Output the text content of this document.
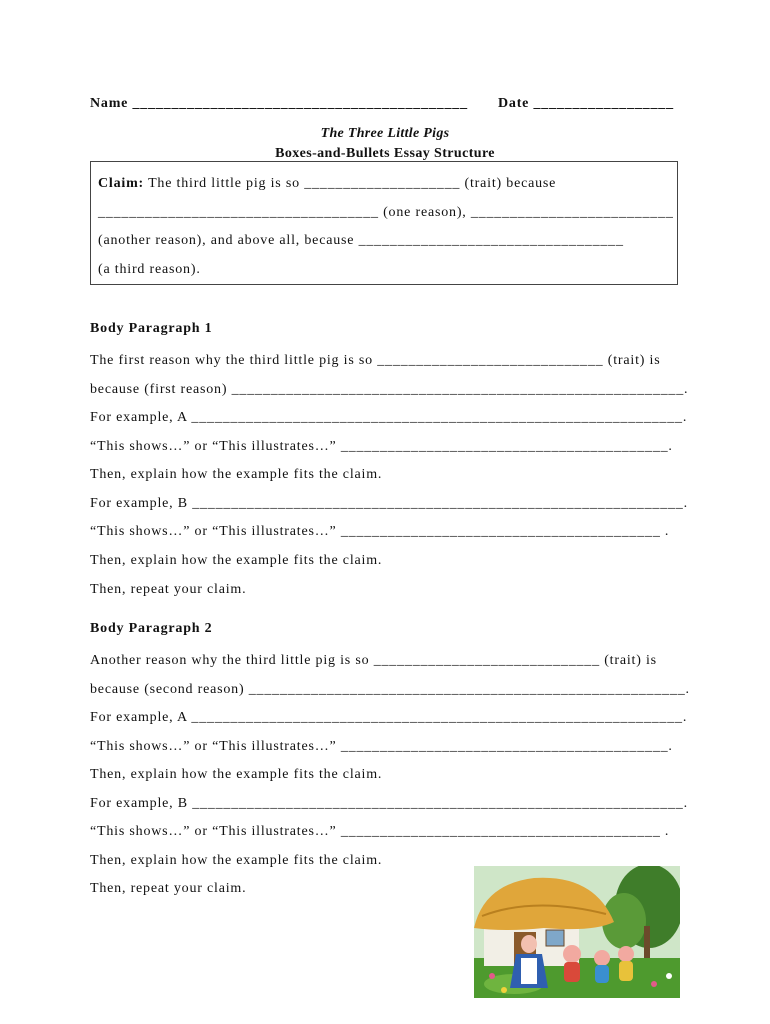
Name ___________________________________________ Date __________________
The Three Little Pigs
Boxes-and-Bullets Essay Structure
Claim: The third little pig is so ____________________ (trait) because
____________________________________ (one reason), __________________________
(another reason), and above all, because __________________________________
(a third reason).
Body Paragraph 1
The first reason why the third little pig is so _____________________________ (trait) is
because (first reason) __________________________________________________________.
For example, A _______________________________________________________________.
“This shows…” or “This illustrates…” __________________________________________.
Then, explain how the example fits the claim.
For example, B _______________________________________________________________.
“This shows…” or “This illustrates…” _________________________________________ .
Then, explain how the example fits the claim.
Then, repeat your claim.
Body Paragraph 2
Another reason why the third little pig is so _____________________________ (trait) is
because (second reason) ________________________________________________________.
For example, A _______________________________________________________________.
“This shows…” or “This illustrates…” __________________________________________.
Then, explain how the example fits the claim.
For example, B _______________________________________________________________.
“This shows…” or “This illustrates…” _________________________________________ .
Then, explain how the example fits the claim.
Then, repeat your claim.
